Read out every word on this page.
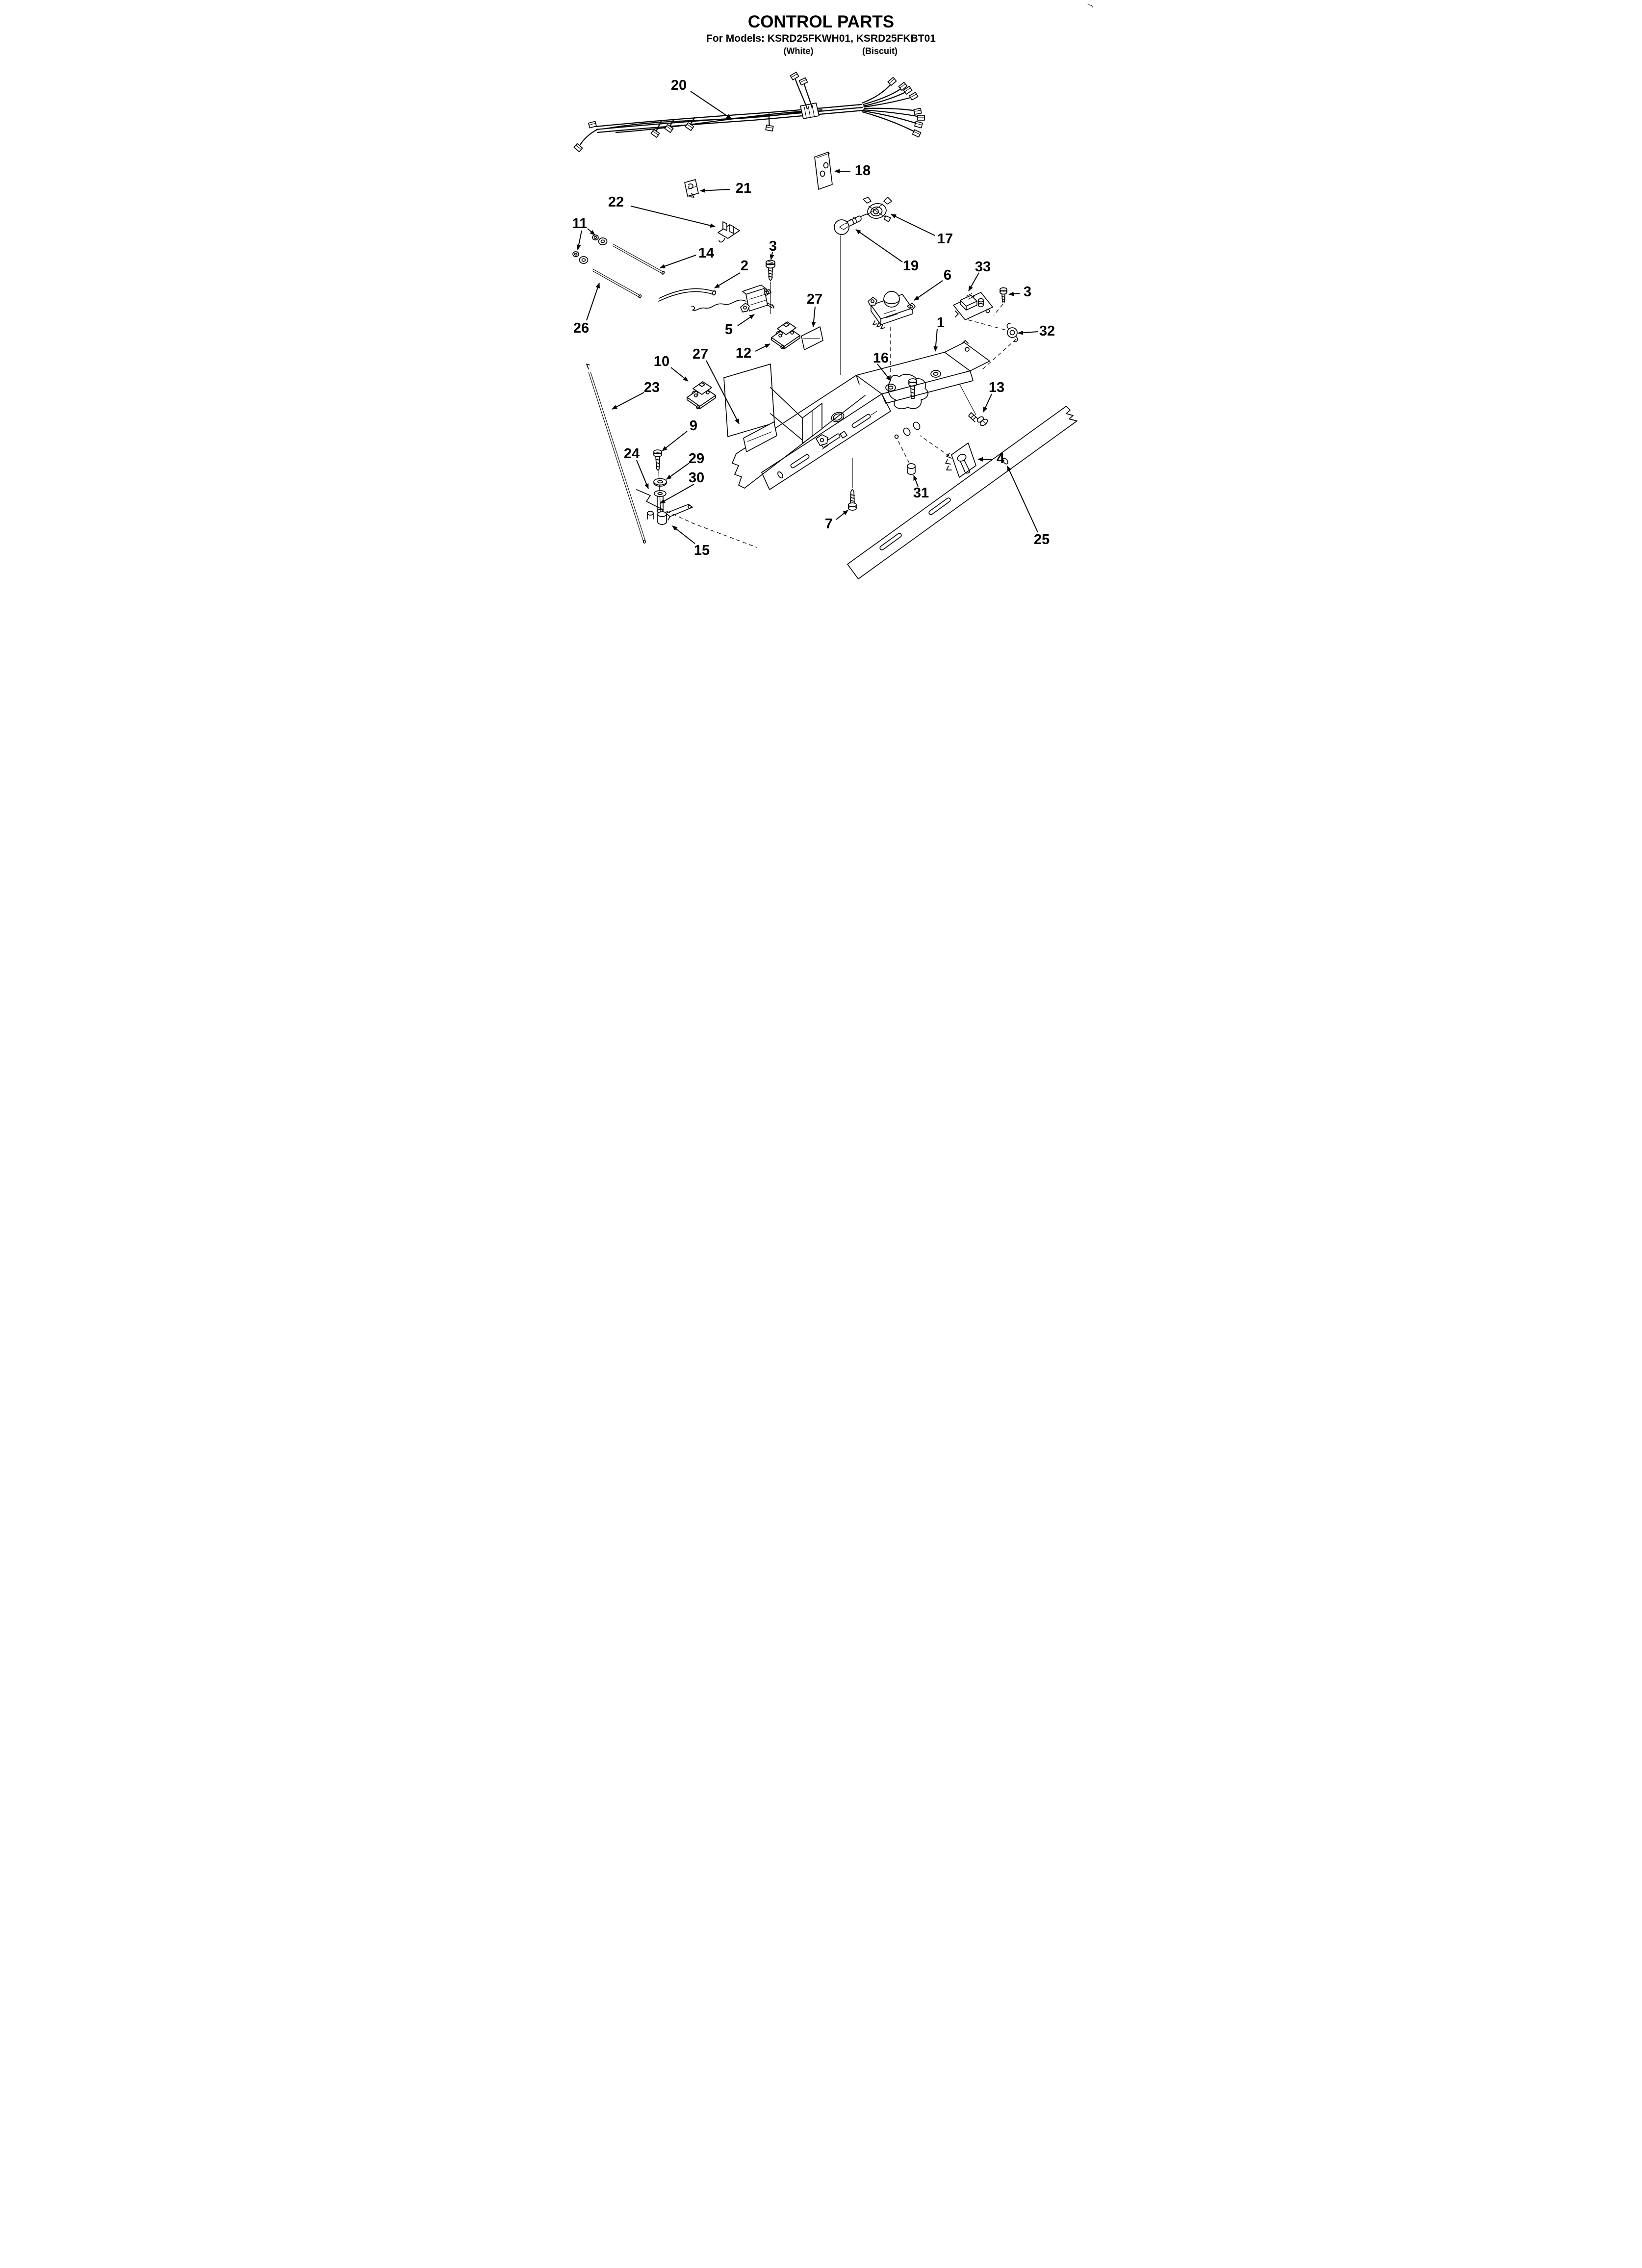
CONTROL PARTS
For Models: KSRD25FKWH01, KSRD25FKBT01
(White)	(Biscuit)
20
18
21
22
11
14	3
2
17
19
6
33
3
26	5
27
1
32
16
10 27 12
13
23
9
24	29
30
4
31
7
15
25
